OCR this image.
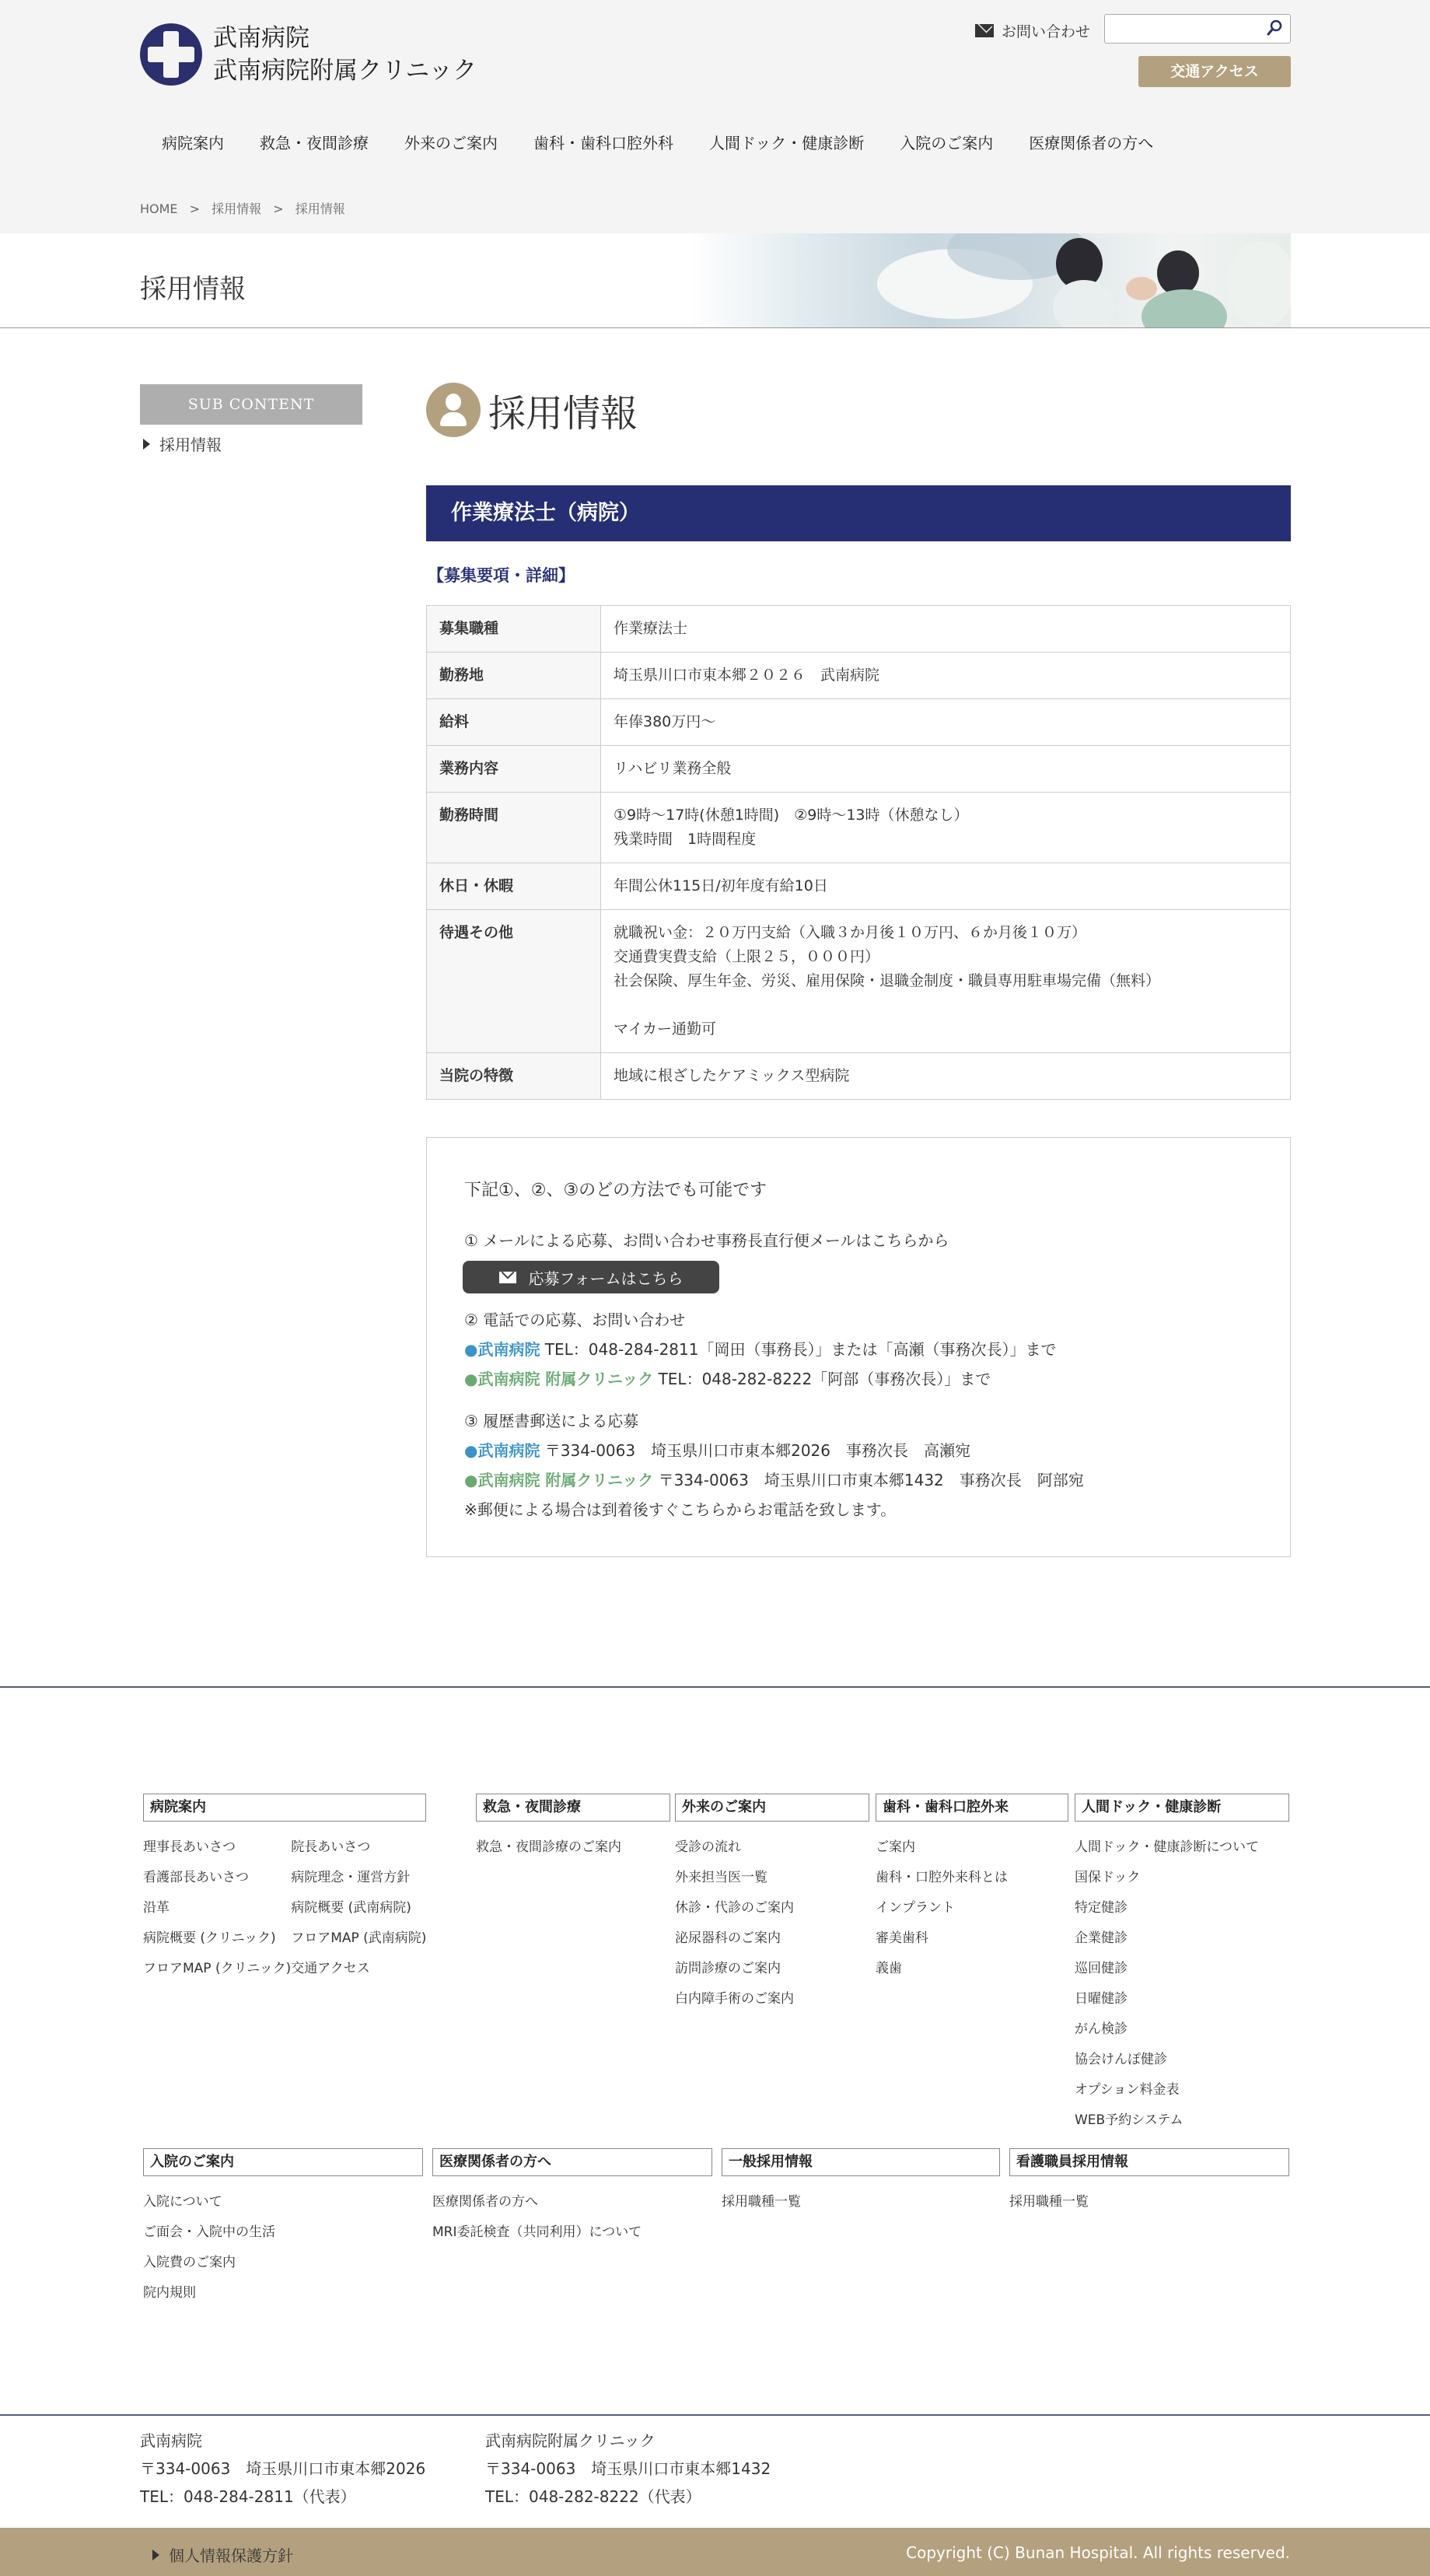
武南病院
武南病院附属クリニック
お問い合わせ
交通アクセス
病院案内 救急・夜間診療 外来のご案内 歯科・歯科口腔外科 人間ドック・健康診断 入院のご案内 医療関係者の方へ
HOME > 採用情報 > 採用情報
採用情報
SUB CONTENT
採用情報
採用情報
作業療法士（病院）
【募集要項・詳細】
募集職種	作業療法士

勤務地	埼玉県川口市東本郷２０２６　武南病院

給料	年俸380万円～

業務内容	リハビリ業務全般

勤務時間	①9時～17時(休憩1時間)　②9時～13時（休憩なし）
残業時間　1時間程度

休日・休暇	年間公休115日/初年度有給10日

待遇その他	就職祝い金：２０万円支給（入職３か月後１０万円、６か月後１０万）
交通費実費支給（上限２５，０００円）
社会保険、厚生年金、労災、雇用保険・退職金制度・職員専用駐車場完備（無料）
マイカー通勤可

当院の特徴	地域に根ざしたケアミックス型病院
下記①、②、③のどの方法でも可能です
① メールによる応募、お問い合わせ事務長直行便メールはこちらから
応募フォームはこちら
② 電話での応募、お問い合わせ
●武南病院 TEL：048-284-2811「岡田（事務長）」または「高瀬（事務次長）」まで
●武南病院 附属クリニック TEL：048-282-8222「阿部（事務次長）」まで
③ 履歴書郵送による応募
●武南病院 〒334-0063　埼玉県川口市東本郷2026　事務次長　高瀬宛
●武南病院 附属クリニック 〒334-0063　埼玉県川口市東本郷1432　事務次長　阿部宛
※郵便による場合は到着後すぐこちらからお電話を致します。
病院案内
理事長あいさつ
看護部長あいさつ
沿革
病院概要 (クリニック)
フロアMAP (クリニック)
院長あいさつ
病院理念・運営方針
病院概要 (武南病院)
フロアMAP (武南病院)
交通アクセス
救急・夜間診療
救急・夜間診療のご案内
外来のご案内
受診の流れ
外来担当医一覧
休診・代診のご案内
泌尿器科のご案内
訪問診療のご案内
白内障手術のご案内
歯科・歯科口腔外来
ご案内
歯科・口腔外来科とは
インプラント
審美歯科
義歯
人間ドック・健康診断
人間ドック・健康診断について
国保ドック
特定健診
企業健診
巡回健診
日曜健診
がん検診
協会けんぽ健診
オプション料金表
WEB予約システム
入院のご案内
入院について
ご面会・入院中の生活
入院費のご案内
院内規則
医療関係者の方へ
医療関係者の方へ
MRI委託検査（共同利用）について
一般採用情報
採用職種一覧
看護職員採用情報
採用職種一覧
武南病院
〒334-0063　埼玉県川口市東本郷2026
TEL：048-284-2811（代表）
武南病院附属クリニック
〒334-0063　埼玉県川口市東本郷1432
TEL：048-282-8222（代表）
個人情報保護方針	Copyright (C) Bunan Hospital. All rights reserved.
